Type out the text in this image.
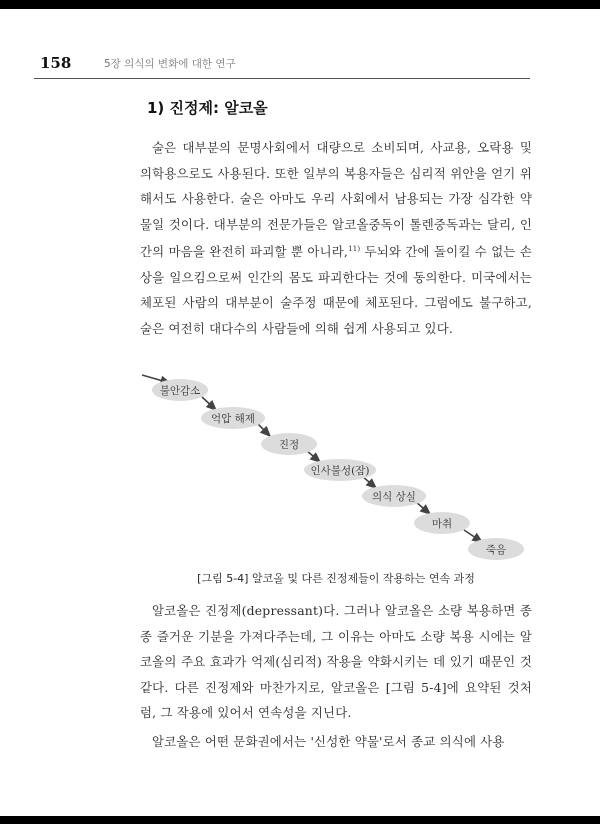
158	5장 의식의 변화에 대한 연구
1) 진정제: 알코올
술은 대부분의 문명사회에서 대량으로 소비되며, 사교용, 오락용 및 의학용으로도 사용된다. 또한 일부의 복용자들은 심리적 위안을 얻기 위해서도 사용한다. 술은 아마도 우리 사회에서 남용되는 가장 심각한 약물일 것이다. 대부분의 전문가들은 알코올중독이 톨렌중독과는 달리, 인간의 마음을 완전히 파괴할 뿐 아니라,$^{11)}$ 두뇌와 간에 돌이킬 수 없는 손상을 일으킴으로써 인간의 몸도 파괴한다는 것에 동의한다. 미국에서는 체포된 사람의 대부분이 술주정 때문에 체포된다. 그럼에도 불구하고, 술은 여전히 대다수의 사람들에 의해 쉽게 사용되고 있다.
불안감소
억압 해제
진정
인사불성(잠)
의식 상실
마취
죽음
[그림 5-4] 알코올 및 다른 진정제들이 작용하는 연속 과정
알코올은 진정제(depressant)다. 그러나 알코올은 소량 복용하면 종종 즐거운 기분을 가져다주는데, 그 이유는 아마도 소량 복용 시에는 알코올의 주요 효과가 억제(심리적) 작용을 약화시키는 데 있기 때문인 것 같다. 다른 진정제와 마찬가지로, 알코올은 [그림 5-4]에 요약된 것처럼, 그 작용에 있어서 연속성을 지닌다.
알코올은 어떤 문화권에서는 '신성한 약물'로서 종교 의식에 사용
